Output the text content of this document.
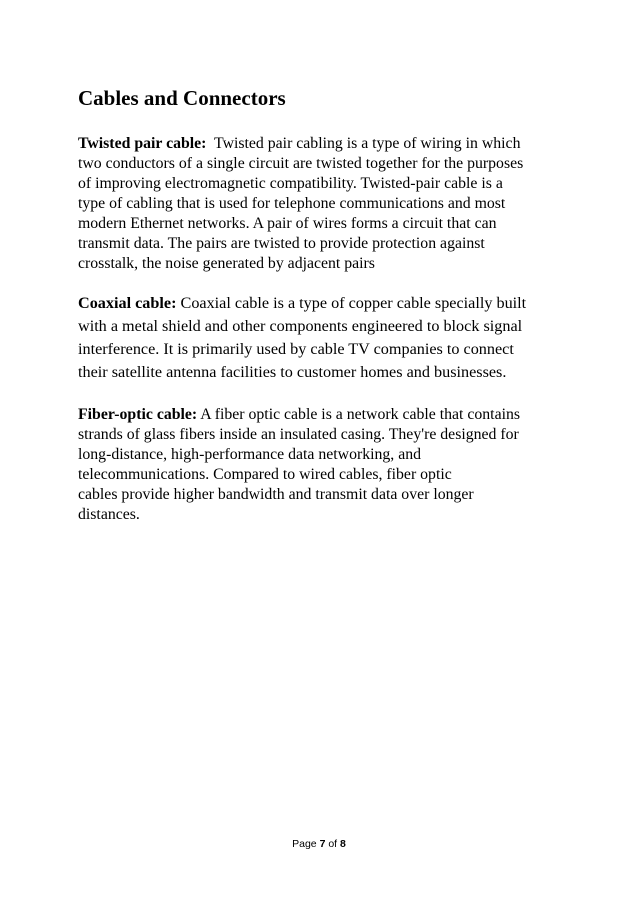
Cables and Connectors

Twisted pair cable:  Twisted pair cabling is a type of wiring in which
two conductors of a single circuit are twisted together for the purposes
of improving electromagnetic compatibility. Twisted-pair cable is a
type of cabling that is used for telephone communications and most
modern Ethernet networks. A pair of wires forms a circuit that can
transmit data. The pairs are twisted to provide protection against
crosstalk, the noise generated by adjacent pairs

Coaxial cable: Coaxial cable is a type of copper cable specially built
with a metal shield and other components engineered to block signal
interference. It is primarily used by cable TV companies to connect
their satellite antenna facilities to customer homes and businesses.

Fiber-optic cable: A fiber optic cable is a network cable that contains
strands of glass fibers inside an insulated casing. They're designed for
long-distance, high-performance data networking, and
telecommunications. Compared to wired cables, fiber optic
cables provide higher bandwidth and transmit data over longer
distances.

Page 7 of 8
